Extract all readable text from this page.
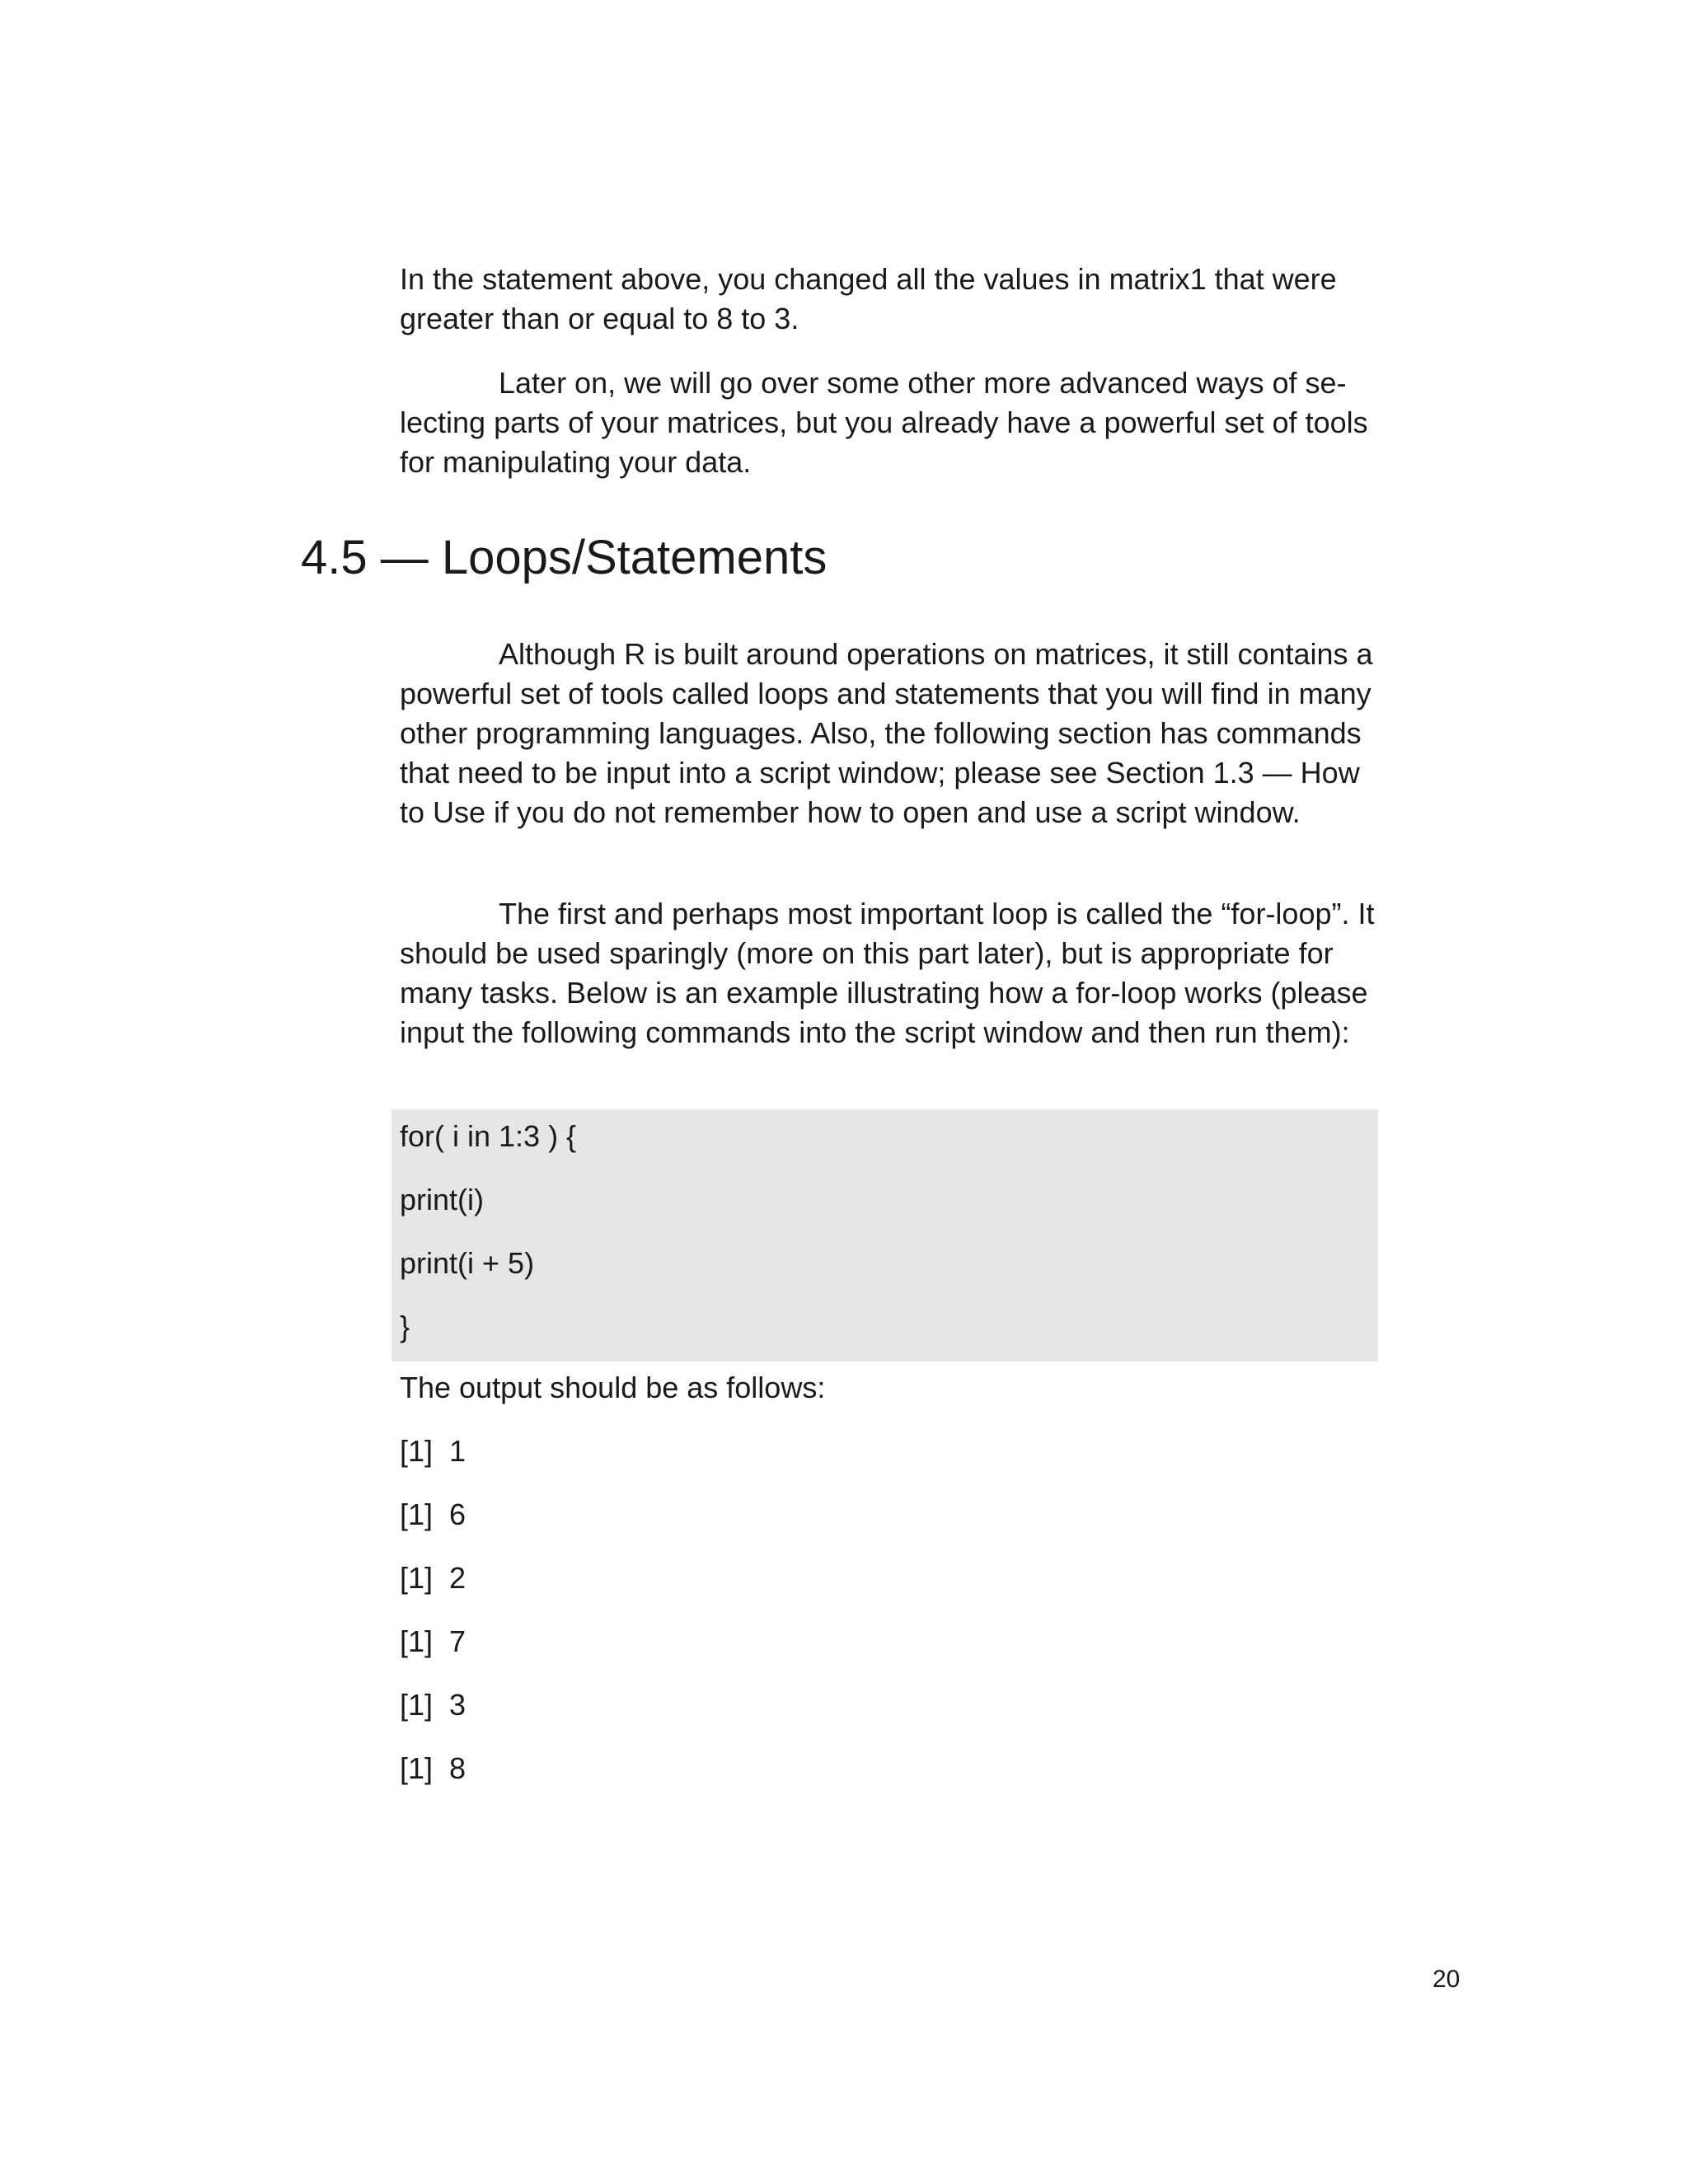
In the statement above, you changed all the values in matrix1 that were greater than or equal to 8 to 3.

Later on, we will go over some other more advanced ways of se- lecting parts of your matrices, but you already have a powerful set of tools for manipulating your data.

4.5 — Loops/Statements

Although R is built around operations on matrices, it still contains a powerful set of tools called loops and statements that you will find in many other programming languages. Also, the following section has commands that need to be input into a script window; please see Section 1.3 — How to Use if you do not remember how to open and use a script window.

The first and perhaps most important loop is called the “for-loop”. It should be used sparingly (more on this part later), but is appropriate for many tasks. Below is an example illustrating how a for-loop works (please input the following commands into the script window and then run them):

for( i in 1:3 ) {
print(i)
print(i + 5)
}
The output should be as follows:
[1]  1
[1]  6
[1]  2
[1]  7
[1]  3
[1]  8
20
